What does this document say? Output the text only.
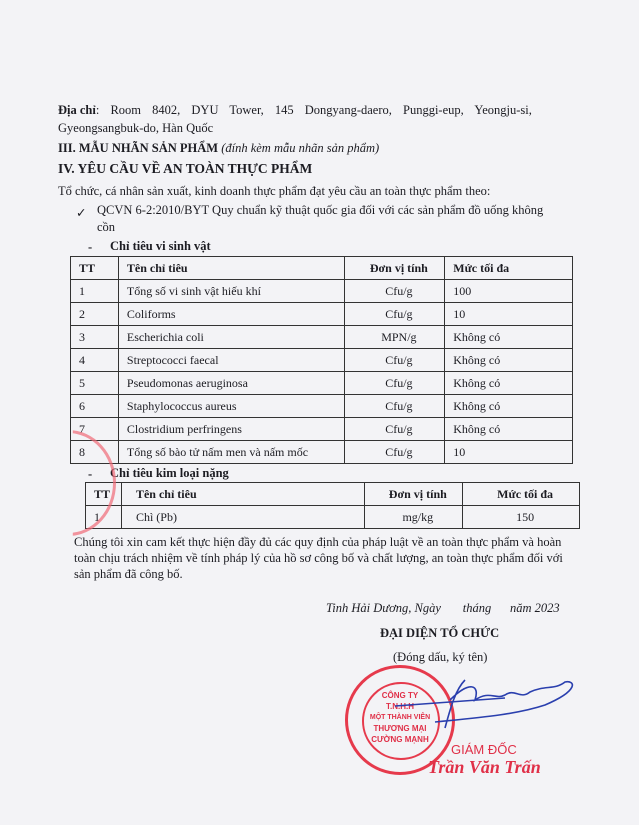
Địa chỉ: Room 8402, DYU Tower, 145 Dongyang-daero, Punggi-eup, Yeongju-si,
Gyeongsangbuk-do, Hàn Quốc
III. MẪU NHÃN SẢN PHẨM (đính kèm mẫu nhãn sản phẩm)
IV. YÊU CẦU VỀ AN TOÀN THỰC PHẨM
Tổ chức, cá nhân sản xuất, kinh doanh thực phẩm đạt yêu cầu an toàn thực phẩm theo:
✓ QCVN 6-2:2010/BYT Quy chuẩn kỹ thuật quốc gia đối với các sản phẩm đồ uống không
cồn
- Chỉ tiêu vi sinh vật
TT	Tên chỉ tiêu	Đơn vị tính	Mức tối đa
1	Tổng số vi sinh vật hiếu khí	Cfu/g	100
2	Coliforms	Cfu/g	10
3	Escherichia coli	MPN/g	Không có
4	Streptococci faecal	Cfu/g	Không có
5	Pseudomonas aeruginosa	Cfu/g	Không có
6	Staphylococcus aureus	Cfu/g	Không có
7	Clostridium perfringens	Cfu/g	Không có
8	Tổng số bào tử nấm men và nấm mốc	Cfu/g	10
- Chỉ tiêu kim loại nặng
TT	Tên chỉ tiêu	Đơn vị tính	Mức tối đa
1	Chì (Pb)	mg/kg	150
Chúng tôi xin cam kết thực hiện đầy đủ các quy định của pháp luật về an toàn thực phẩm và hoàn
toàn chịu trách nhiệm về tính pháp lý của hồ sơ công bố và chất lượng, an toàn thực phẩm đối với
sản phẩm đã công bố.
Tinh Hải Dương, Ngày       tháng      năm 2023
ĐẠI DIỆN TỔ CHỨC
(Đóng dấu, ký tên)
CÔNG TY
T.N.H.H
MỘT THÀNH VIÊN
THƯƠNG MẠI
CƯỜNG MẠNH
GIÁM ĐỐC
Trần Văn Trấn
